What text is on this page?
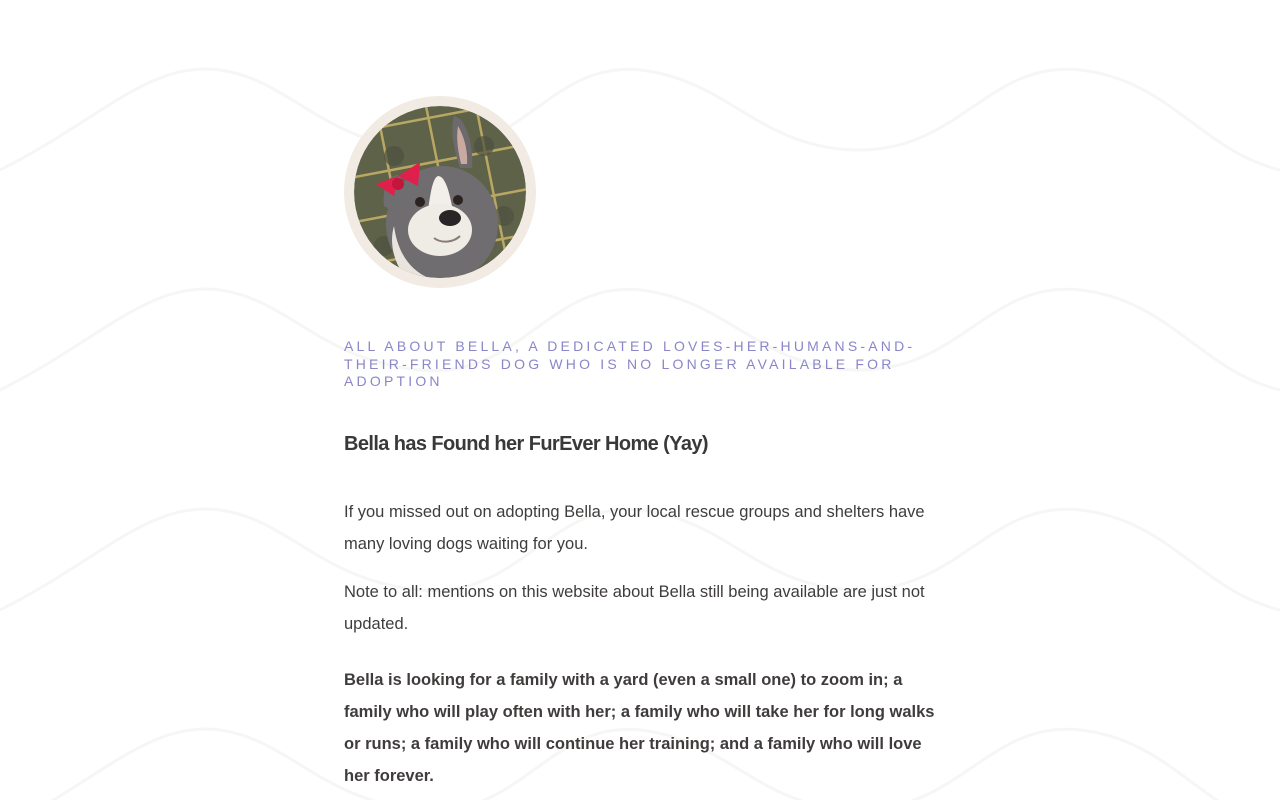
ALL ABOUT BELLA, A DEDICATED LOVES-HER-HUMANS-AND-THEIR-FRIENDS DOG WHO IS NO LONGER AVAILABLE FOR ADOPTION
Bella has Found her FurEver Home (Yay)

If you missed out on adopting Bella, your local rescue groups and shelters have many loving dogs waiting for you.

Note to all: mentions on this website about Bella still being available are just not updated.

Bella is looking for a family with a yard (even a small one) to zoom in; a family who will play often with her; a family who will take her for long walks or runs; a family who will continue her training; and a family who will love her forever.
